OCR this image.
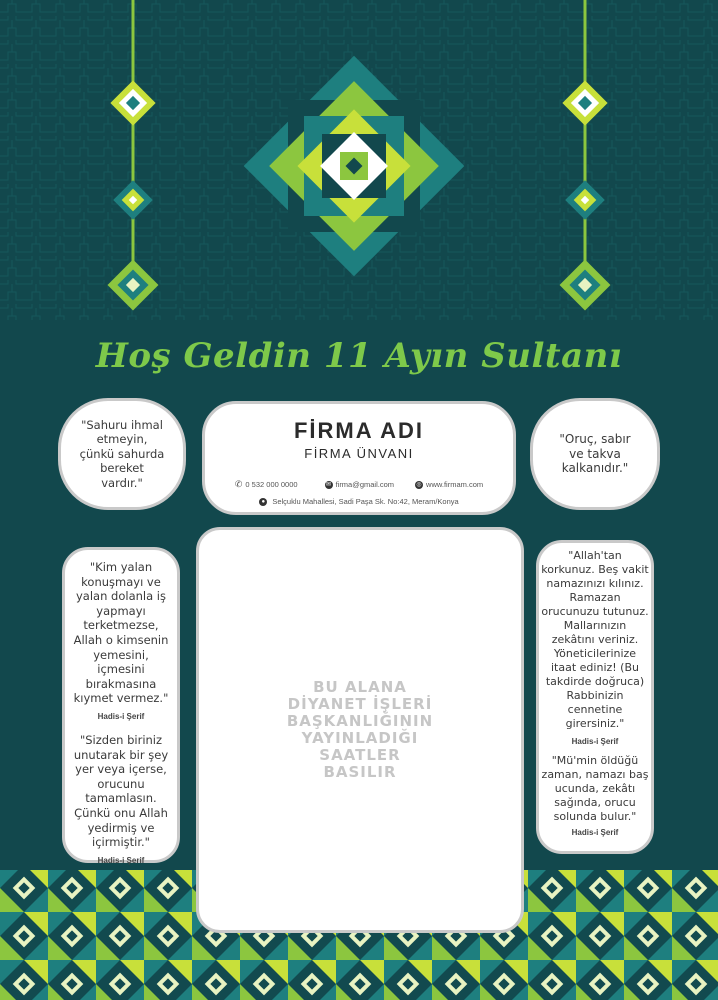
Hoş Geldin 11 Ayın Sultanı
FİRMA ADI
FİRMA ÜNVANI
✆ 0 532 000 0000	✉ firma@gmail.com	◎ www.firmam.com
● Selçuklu Mahallesi, Sadi Paşa Sk. No:42, Meram/Konya
"Sahuru ihmal etmeyin, çünkü sahurda bereket vardır."
"Oruç, sabır ve takva kalkanıdır."
"Kim yalan konuşmayı ve yalan dolanla iş yapmayı terketmezse, Allah o kimsenin yemesini, içmesini bırakmasına kıymet vermez."
Hadis-i Şerif
"Sizden biriniz unutarak bir şey yer veya içerse, orucunu tamamlasın. Çünkü onu Allah yedirmiş ve içirmiştir."
Hadis-i Şerif
"Allah'tan korkunuz. Beş vakit namazınızı kılınız. Ramazan orucunuzu tutunuz. Mallarınızın zekâtını veriniz. Yöneticilerinize itaat ediniz! (Bu takdirde doğruca) Rabbinizin cennetine girersiniz."
Hadis-i Şerif
"Mü'min öldüğü zaman, namazı baş ucunda, zekâtı sağında, orucu solunda bulur."
Hadis-i Şerif
BU ALANA DİYANET İŞLERİ BAŞKANLIĞININ YAYINLADIĞI SAATLER BASILIR
